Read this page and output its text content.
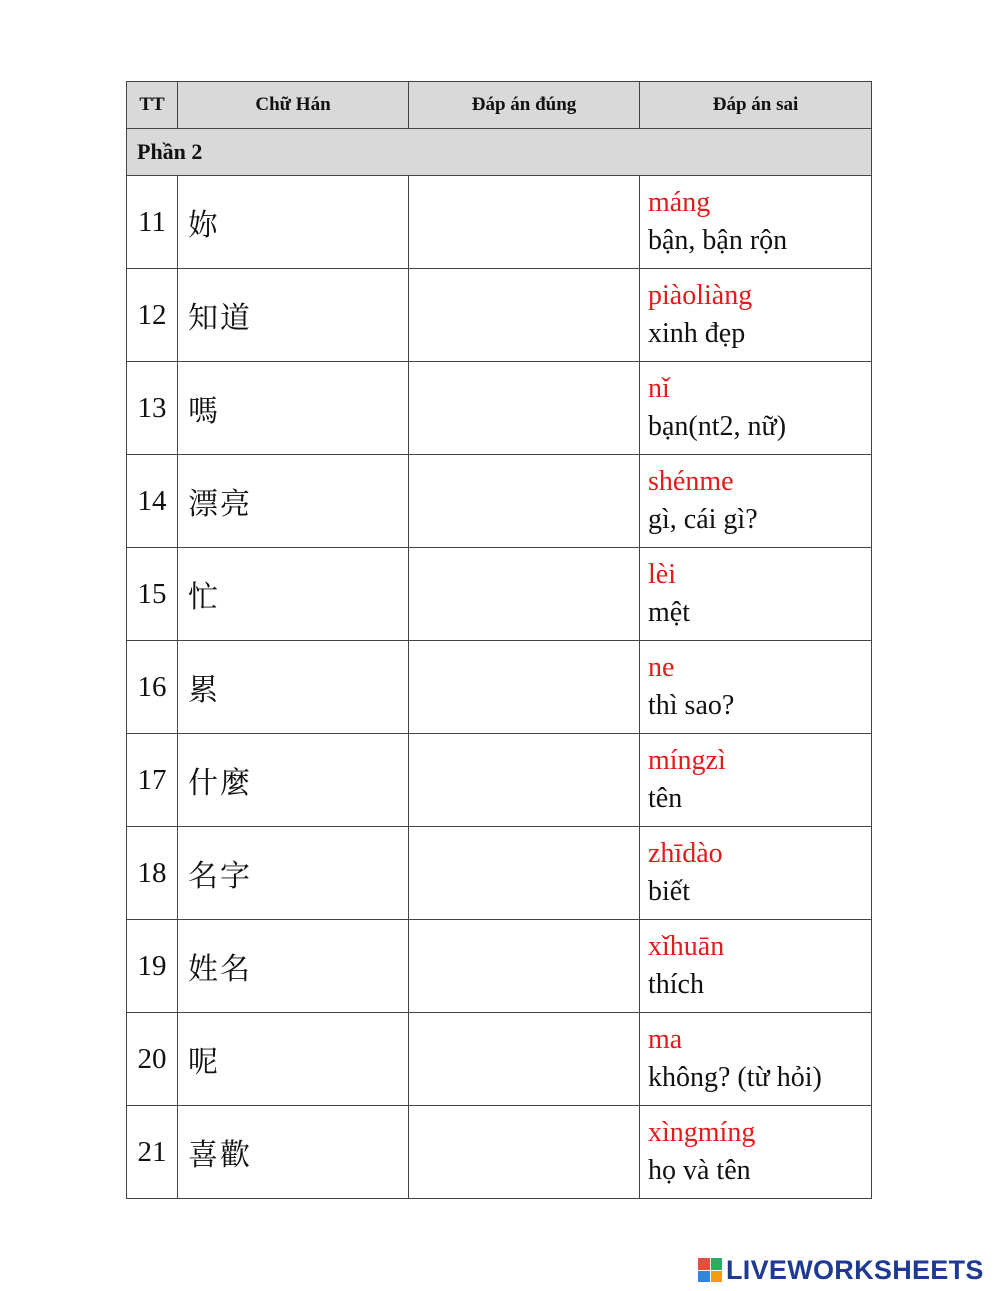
TT	Chữ Hán	Đáp án đúng	Đáp án sai
Phần 2			
11	妳		máng
bận, bận rộn

12	知道		piàoliàng
xinh đẹp

13	嗎		nǐ
bạn(nt2, nữ)

14	漂亮		shénme
gì, cái gì?

15	忙		lèi
mệt

16	累		ne
thì sao?

17	什麼		míngzì
tên

18	名字		zhīdào
biết

19	姓名		xǐhuān
thích

20	呢		ma
không? (từ hỏi)

21	喜歡		xìngmíng
họ và tên
LIVEWORKSHEETS
